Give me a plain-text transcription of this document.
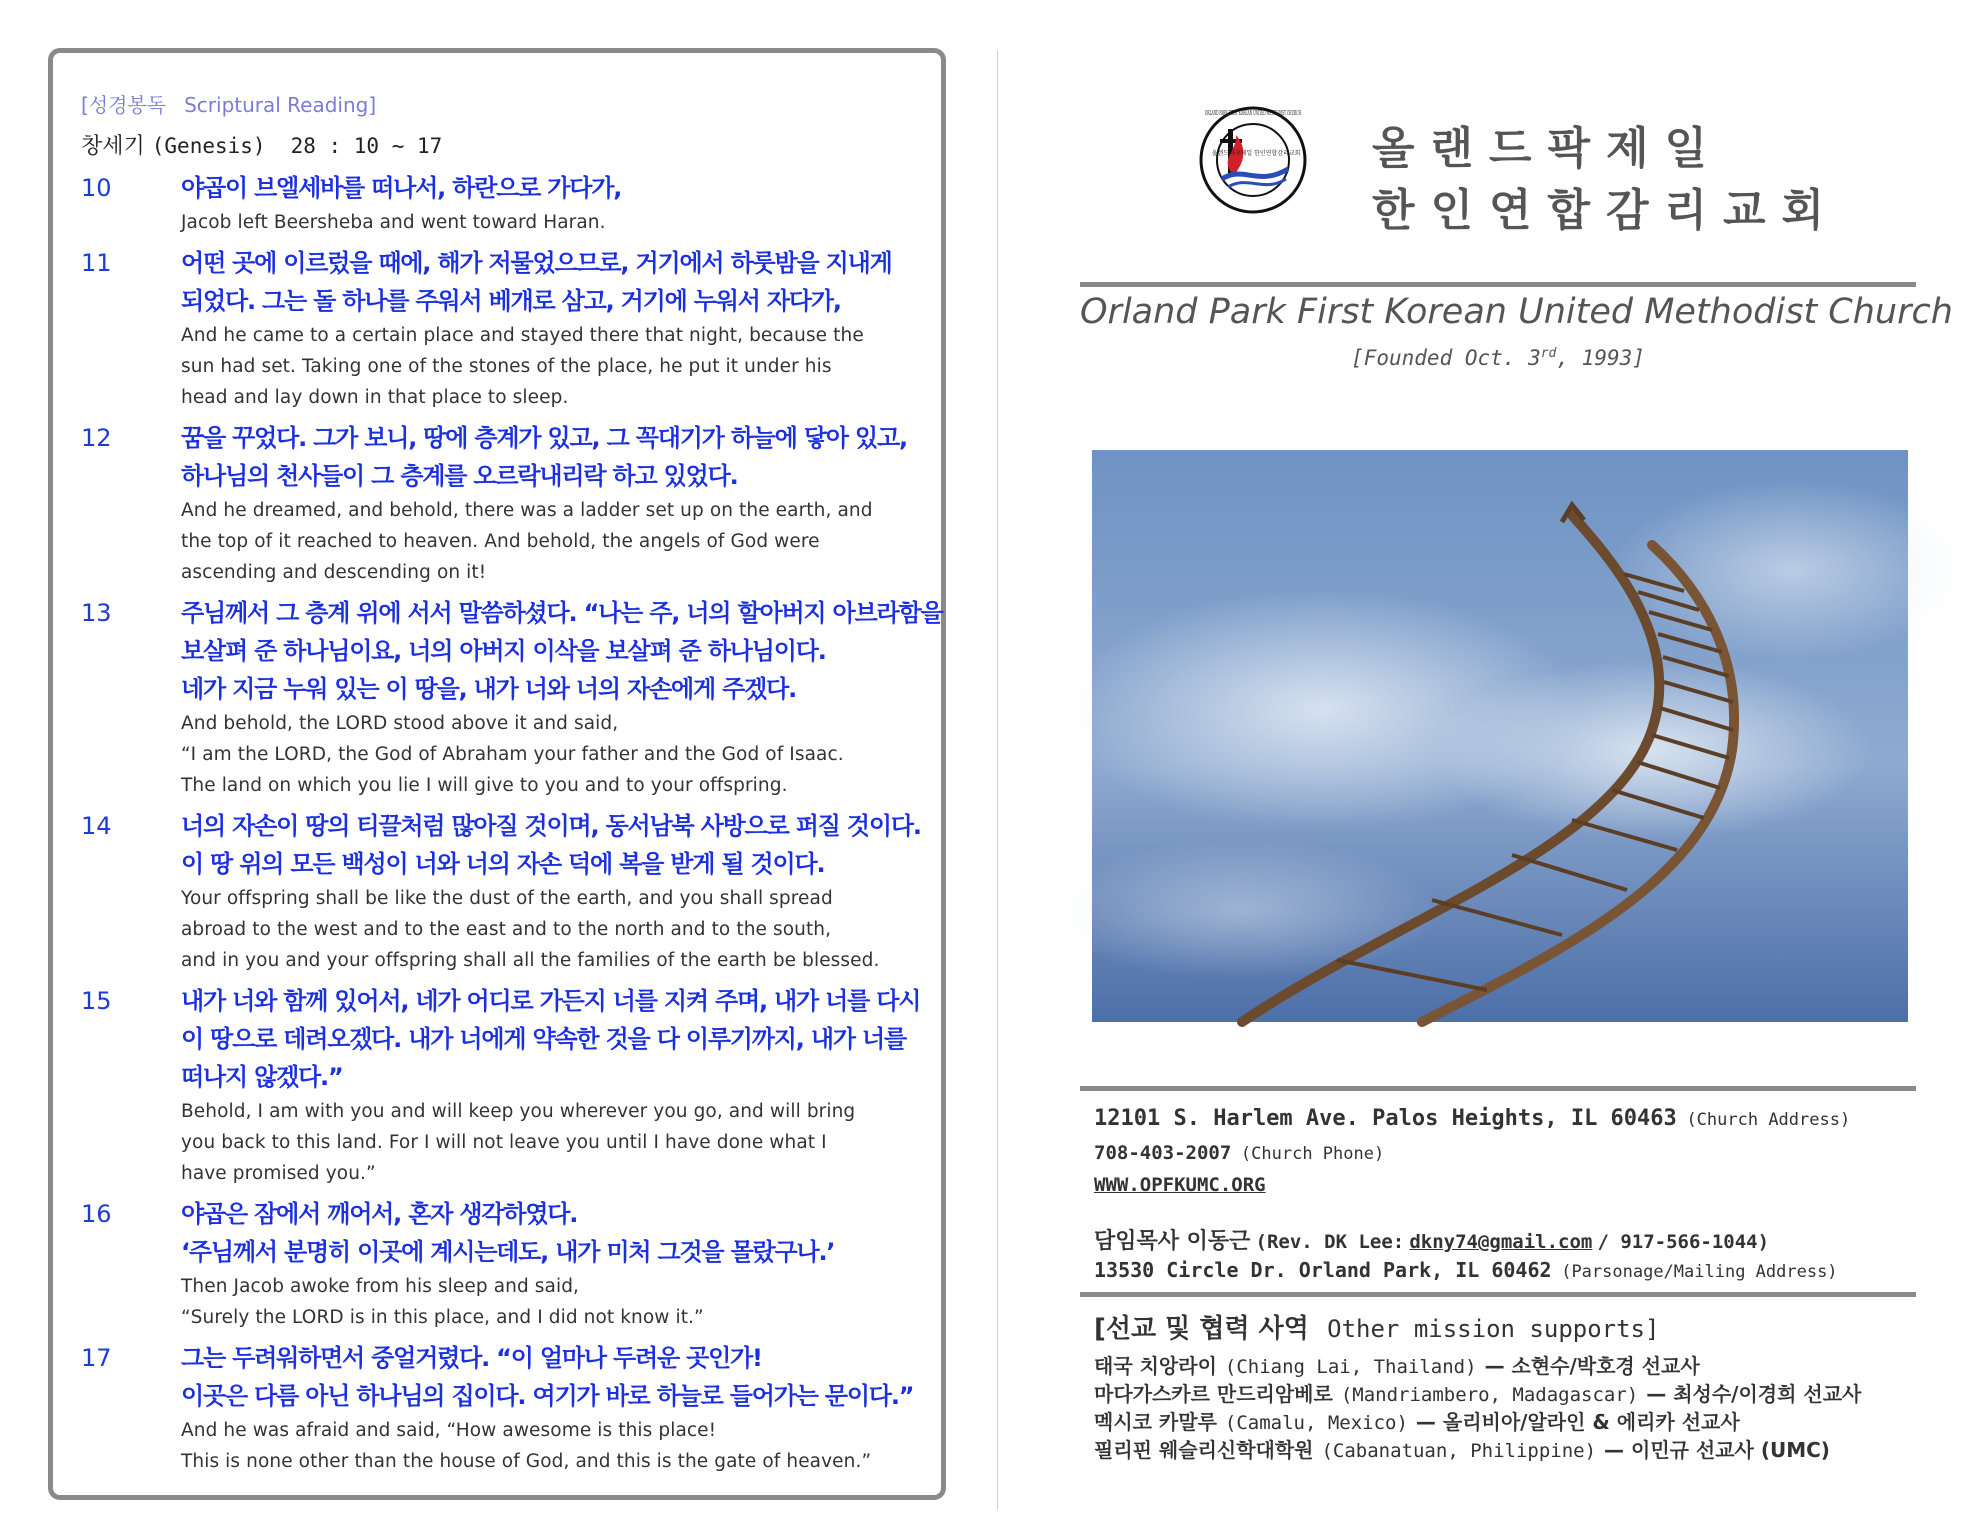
[성경봉독 Scriptural Reading]
창세기 (Genesis) 28 : 10 ~ 17
10	야곱이 브엘세바를 떠나서, 하란으로 가다가,
Jacob left Beersheba and went toward Haran.
11	어떤 곳에 이르렀을 때에, 해가 저물었으므로, 거기에서 하룻밤을 지내게
되었다. 그는 돌 하나를 주워서 베개로 삼고, 거기에 누워서 자다가,
And he came to a certain place and stayed there that night, because the
sun had set. Taking one of the stones of the place, he put it under his
head and lay down in that place to sleep.
12	꿈을 꾸었다. 그가 보니, 땅에 층계가 있고, 그 꼭대기가 하늘에 닿아 있고,
하나님의 천사들이 그 층계를 오르락내리락 하고 있었다.
And he dreamed, and behold, there was a ladder set up on the earth, and
the top of it reached to heaven. And behold, the angels of God were
ascending and descending on it!
13	주님께서 그 층계 위에 서서 말씀하셨다. “나는 주, 너의 할아버지 아브라함을
보살펴 준 하나님이요, 너의 아버지 이삭을 보살펴 준 하나님이다.
네가 지금 누워 있는 이 땅을, 내가 너와 너의 자손에게 주겠다.
And behold, the LORD stood above it and said,
“I am the LORD, the God of Abraham your father and the God of Isaac.
The land on which you lie I will give to you and to your offspring.
14	너의 자손이 땅의 티끌처럼 많아질 것이며, 동서남북 사방으로 퍼질 것이다.
이 땅 위의 모든 백성이 너와 너의 자손 덕에 복을 받게 될 것이다.
Your offspring shall be like the dust of the earth, and you shall spread
abroad to the west and to the east and to the north and to the south,
and in you and your offspring shall all the families of the earth be blessed.
15	내가 너와 함께 있어서, 네가 어디로 가든지 너를 지켜 주며, 내가 너를 다시
이 땅으로 데려오겠다. 내가 너에게 약속한 것을 다 이루기까지, 내가 너를
떠나지 않겠다.”
Behold, I am with you and will keep you wherever you go, and will bring
you back to this land. For I will not leave you until I have done what I
have promised you.”
16	야곱은 잠에서 깨어서, 혼자 생각하였다.
‘주님께서 분명히 이곳에 계시는데도, 내가 미처 그것을 몰랐구나.’
Then Jacob awoke from his sleep and said,
“Surely the LORD is in this place, and I did not know it.”
17	그는 두려워하면서 중얼거렸다. “이 얼마나 두려운 곳인가!
이곳은 다름 아닌 하나님의 집이다. 여기가 바로 하늘로 들어가는 문이다.”
And he was afraid and said, “How awesome is this place!
This is none other than the house of God, and this is the gate of heaven.”
올랜드파크제일 한인연합감리교회
ORLAND PARK FIRST KOREAN UNITED METHODIST CHURCH
올랜드팍제일
한인연합감리교회
Orland Park First Korean United Methodist Church
[Founded Oct. 3rd, 1993]
12101 S. Harlem Ave. Palos Heights, IL 60463 (Church Address)
708-403-2007 (Church Phone)
WWW.OPFKUMC.ORG
담임목사 이동근 (Rev. DK Lee: dkny74@gmail.com / 917-566-1044)
13530 Circle Dr. Orland Park, IL 60462 (Parsonage/Mailing Address)
[선교 및 협력 사역 Other mission supports]
태국 치앙라이 (Chiang Lai, Thailand) — 소현수/박호경 선교사
마다가스카르 만드리암베로 (Mandriambero, Madagascar) — 최성수/이경희 선교사
멕시코 카말루 (Camalu, Mexico) — 올리비아/알라인 & 에리카 선교사
필리핀 웨슬리신학대학원 (Cabanatuan, Philippine) — 이민규 선교사 (UMC)
